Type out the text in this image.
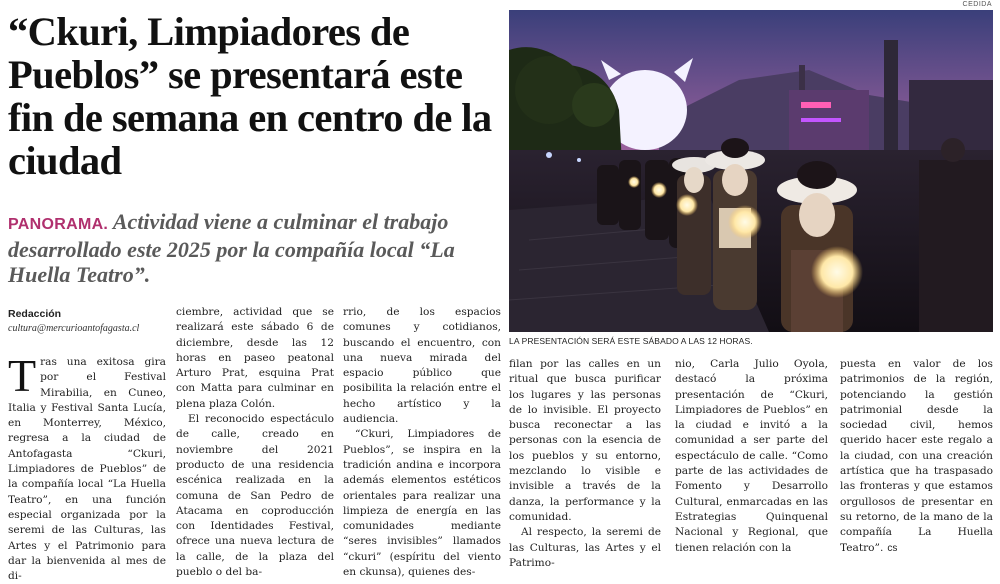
“Ckuri, Limpiadores de Pueblos” se presentará este fin de semana en centro de la ciudad
PANORAMA. Actividad viene a culminar el trabajo desarrollado este 2025 por la compañía local “La Huella Teatro”.
CEDIDA
LA PRESENTACIÓN SERÁ ESTE SÁBADO A LAS 12 HORAS.
Redacción
cultura@mercurioantofagasta.cl

Tras una exitosa gira por el Festival Mirabilia, en Cuneo, Italia y Festival Santa Lucía, en Monterrey, México, regresa a la ciudad de Antofagasta “Ckuri, Limpiadores de Pueblos” de la compañía local “La Huella Teatro”, en una función especial organizada por la seremi de las Culturas, las Artes y el Patrimonio para dar la bienvenida al mes de di-

ciembre, actividad que se realizará este sábado 6 de diciembre, desde las 12 horas en paseo peatonal Arturo Prat, esquina Prat con Matta para culminar en plena plaza Colón.

El reconocido espectáculo de calle, creado en noviembre del 2021 producto de una residencia escénica realizada en la comuna de San Pedro de Atacama en coproducción con Identidades Festival, ofrece una nueva lectura de la calle, de la plaza del pueblo o del ba-

rrio, de los espacios comunes y cotidianos, buscando el encuentro, con una nueva mirada del espacio público que posibilita la relación entre el hecho artístico y la audiencia.

“Ckuri, Limpiadores de Pueblos”, se inspira en la tradición andina e incorpora además elementos estéticos orientales para realizar una limpieza de energía en las comunidades mediante “seres invisibles” llamados “ckuri” (espíritu del viento en ckunsa), quienes des-

filan por las calles en un ritual que busca purificar los lugares y las personas de lo invisible. El proyecto busca reconectar a las personas con la esencia de los pueblos y su entorno, mezclando lo visible e invisible a través de la danza, la performance y la comunidad.

Al respecto, la seremi de las Culturas, las Artes y el Patrimo-

nio, Carla Julio Oyola, destacó la próxima presentación de “Ckuri, Limpiadores de Pueblos” en la ciudad e invitó a la comunidad a ser parte del espectáculo de calle. “Como parte de las actividades de Fomento y Desarrollo Cultural, enmarcadas en las Estrategias Quinquenal Nacional y Regional, que tienen relación con la

puesta en valor de los patrimonios de la región, potenciando la gestión patrimonial desde la sociedad civil, hemos querido hacer este regalo a la ciudad, con una creación artística que ha traspasado las fronteras y que estamos orgullosos de presentar en su retorno, de la mano de la compañía La Huella Teatro”. cs
